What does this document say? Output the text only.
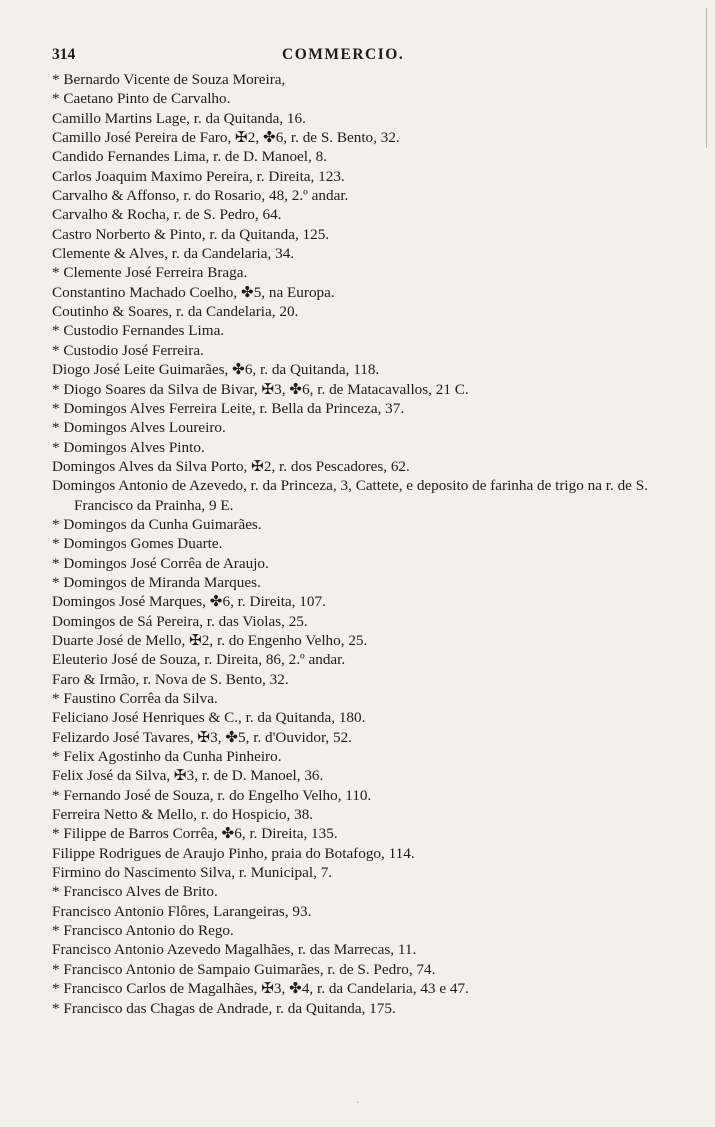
314	COMMERCIO.
* Bernardo Vicente de Souza Moreira,
* Caetano Pinto de Carvalho.
Camillo Martins Lage, r. da Quitanda, 16.
Camillo José Pereira de Faro, ✠2, ✤6, r. de S. Bento, 32.
Candido Fernandes Lima, r. de D. Manoel, 8.
Carlos Joaquim Maximo Pereira, r. Direita, 123.
Carvalho & Affonso, r. do Rosario, 48, 2.º andar.
Carvalho & Rocha, r. de S. Pedro, 64.
Castro Norberto & Pinto, r. da Quitanda, 125.
Clemente & Alves, r. da Candelaria, 34.
* Clemente José Ferreira Braga.
Constantino Machado Coelho, ✤5, na Europa.
Coutinho & Soares, r. da Candelaria, 20.
* Custodio Fernandes Lima.
* Custodio José Ferreira.
Diogo José Leite Guimarães, ✤6, r. da Quitanda, 118.
* Diogo Soares da Silva de Bivar, ✠3, ✤6, r. de Matacavallos, 21 C.
* Domingos Alves Ferreira Leite, r. Bella da Princeza, 37.
* Domingos Alves Loureiro.
* Domingos Alves Pinto.
Domingos Alves da Silva Porto, ✠2, r. dos Pescadores, 62.
Domingos Antonio de Azevedo, r. da Princeza, 3, Cattete, e deposito de farinha de trigo na r. de S. Francisco da Prainha, 9 E.
* Domingos da Cunha Guimarães.
* Domingos Gomes Duarte.
* Domingos José Corrêa de Araujo.
* Domingos de Miranda Marques.
Domingos José Marques, ✤6, r. Direita, 107.
Domingos de Sá Pereira, r. das Violas, 25.
Duarte José de Mello, ✠2, r. do Engenho Velho, 25.
Eleuterio José de Souza, r. Direita, 86, 2.º andar.
Faro & Irmão, r. Nova de S. Bento, 32.
* Faustino Corrêa da Silva.
Feliciano José Henriques & C., r. da Quitanda, 180.
Felizardo José Tavares, ✠3, ✤5, r. d'Ouvidor, 52.
* Felix Agostinho da Cunha Pinheiro.
Felix José da Silva, ✠3, r. de D. Manoel, 36.
* Fernando José de Souza, r. do Engelho Velho, 110.
Ferreira Netto & Mello, r. do Hospicio, 38.
* Filippe de Barros Corrêa, ✤6, r. Direita, 135.
Filippe Rodrigues de Araujo Pinho, praia do Botafogo, 114.
Firmino do Nascimento Silva, r. Municipal, 7.
* Francisco Alves de Brito.
Francisco Antonio Flôres, Larangeiras, 93.
* Francisco Antonio do Rego.
Francisco Antonio Azevedo Magalhães, r. das Marrecas, 11.
* Francisco Antonio de Sampaio Guimarães, r. de S. Pedro, 74.
* Francisco Carlos de Magalhães, ✠3, ✤4, r. da Candelaria, 43 e 47.
* Francisco das Chagas de Andrade, r. da Quitanda, 175.
·
